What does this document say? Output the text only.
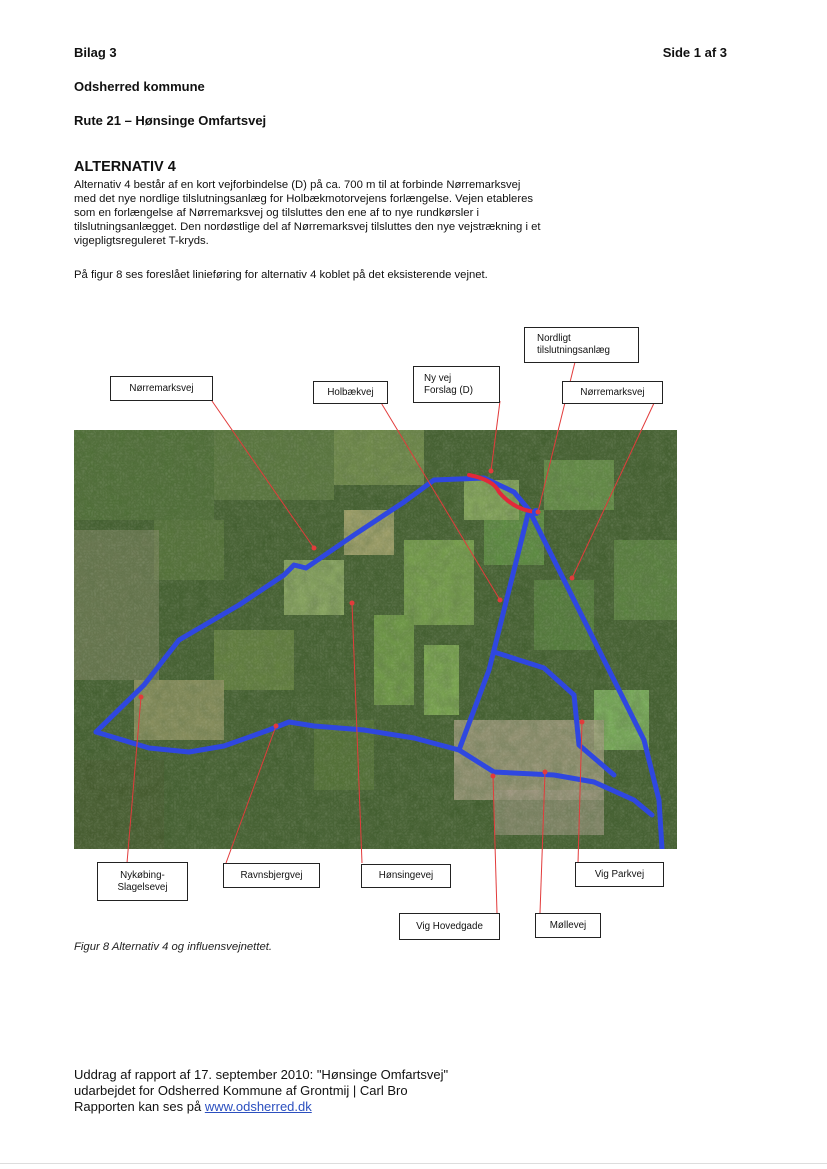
Bilag 3	Side 1 af 3
Odsherred kommune
Rute 21 – Hønsinge Omfartsvej
ALTERNATIV 4

Alternativ 4 består af en kort vejforbindelse (D) på ca. 700 m til at forbinde Nørremarksvej

med det nye nordlige tilslutningsanlæg for Holbækmotorvejens forlængelse. Vejen etableres

som en forlængelse af Nørremarksvej og tilsluttes den ene af to nye rundkørsler i

tilslutningsanlægget. Den nordøstlige del af Nørremarksvej tilsluttes den nye vejstrækning i et

vigepligtsreguleret T-kryds.

På figur 8 ses foreslået linieføring for alternativ 4 koblet på det eksisterende vejnet.
Nørremarksvej	Holbækvej
Ny vej
Forslag (D)
Nordligt
tilslutningsanlæg
Nørremarksvej
Nykøbing-
Slagelsevej
Ravnsbjergvej	Hønsingevej	Vig Parkvej
Vig Hovedgade	Møllevej
Figur 8 Alternativ 4 og influensvejnettet.
Uddrag af rapport af 17. september 2010: "Hønsinge Omfartsvej"
udarbejdet for Odsherred Kommune af Grontmij | Carl Bro
Rapporten kan ses på www.odsherred.dk
